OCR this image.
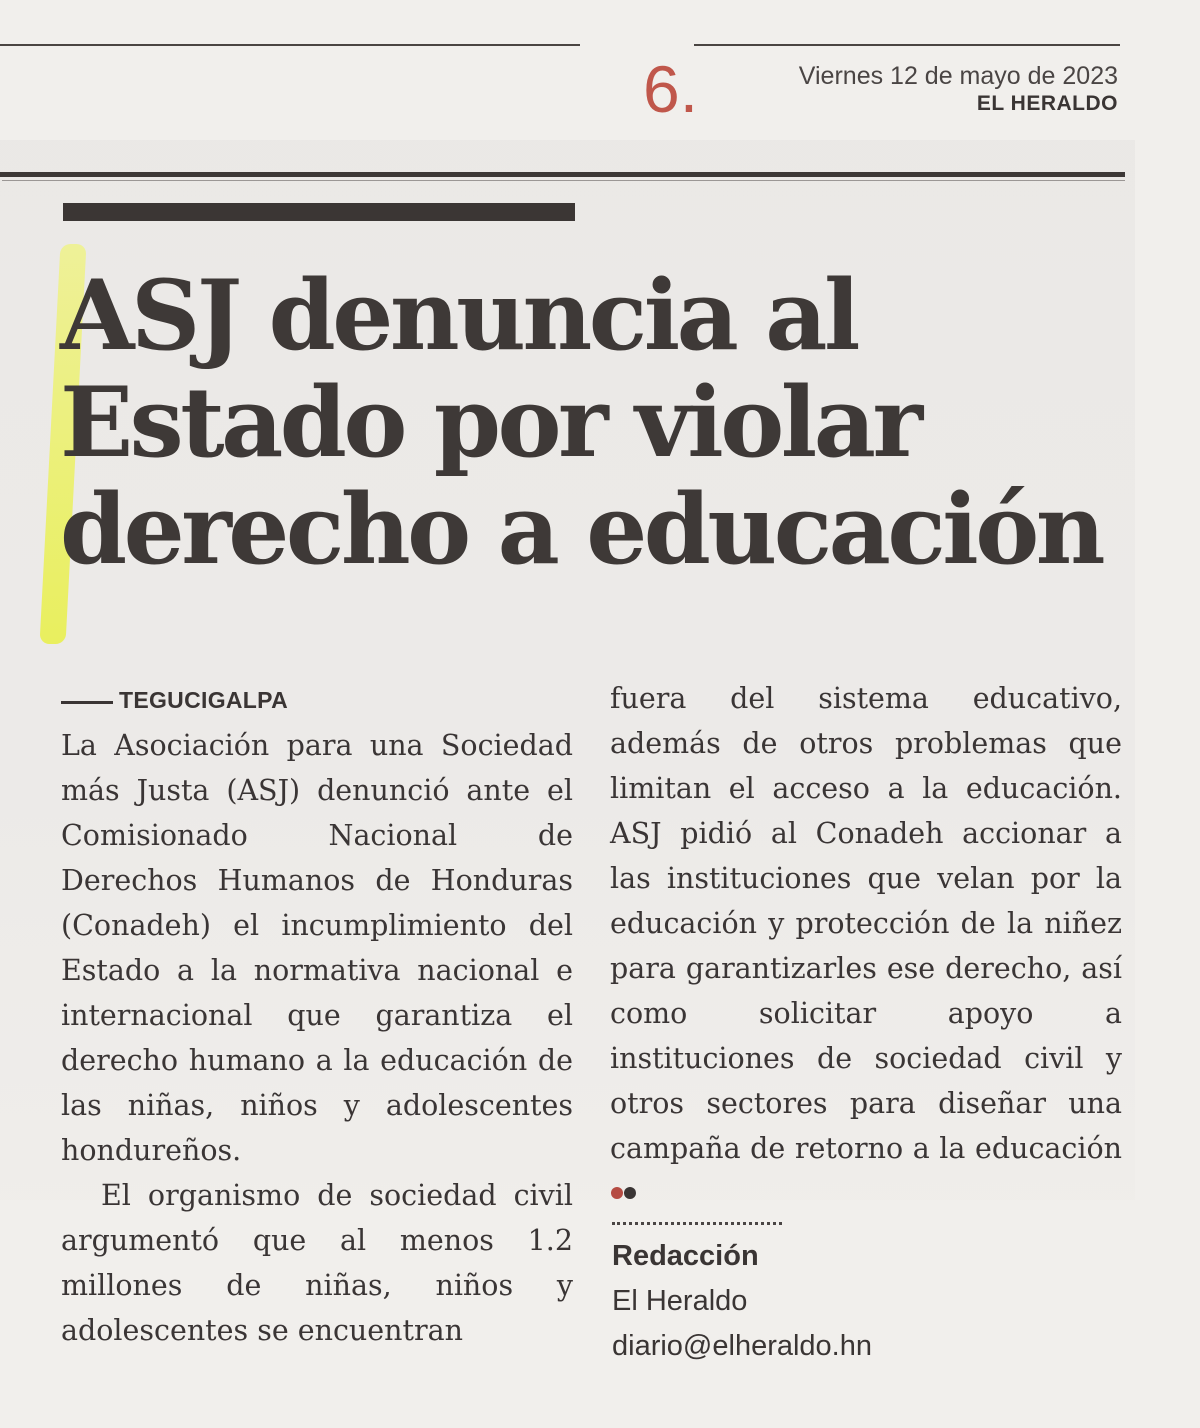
6.	Viernes 12 de mayo de 2023
EL HERALDO
ASJ denuncia al
Estado por violar
derecho a educación
TEGUCIGALPA

La Asociación para una Sociedad más Justa (ASJ) denunció ante el Comisionado Nacional de Derechos Humanos de Honduras (Conadeh) el incumplimiento del Estado a la normativa nacional e internacional que garantiza el derecho humano a la educación de las niñas, niños y adolescentes hondureños.

El organismo de sociedad civil argumentó que al menos 1.2 millones de niñas, niños y adolescentes se encuentran

fuera del sistema educativo, además de otros problemas que limitan el acceso a la educación. ASJ pidió al Conadeh accionar a las instituciones que velan por la educación y protección de la niñez para garantizarles ese derecho, así como solicitar apoyo a instituciones de sociedad civil y otros sectores para diseñar una campaña de retorno a la educación

Redacción
El Heraldo
diario@elheraldo.hn
